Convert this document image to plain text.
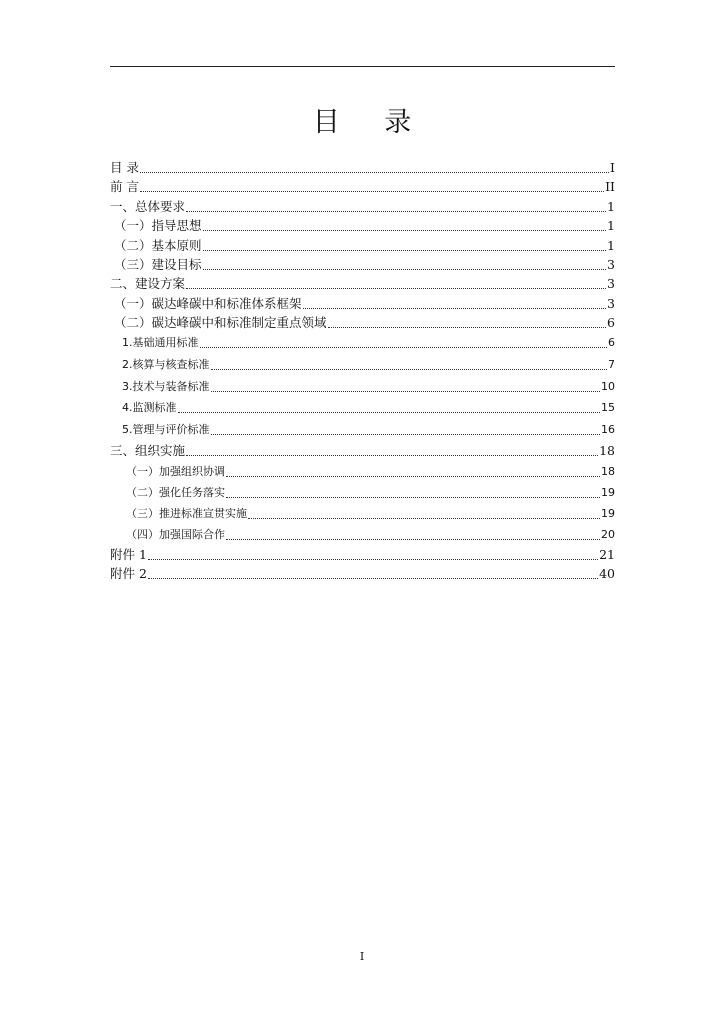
目 录
目 录	I
前 言	II
一、总体要求	1
（一）指导思想	1
（二）基本原则	1
（三）建设目标	3
二、建设方案	3
（一）碳达峰碳中和标准体系框架	3
（二）碳达峰碳中和标准制定重点领域	6
1.基础通用标准	6
2.核算与核查标准	7
3.技术与装备标准	10
4.监测标准	15
5.管理与评价标准	16
三、组织实施	18
（一）加强组织协调	18
（二）强化任务落实	19
（三）推进标准宣贯实施	19
（四）加强国际合作	20
附件 1	21
附件 2	40
I
